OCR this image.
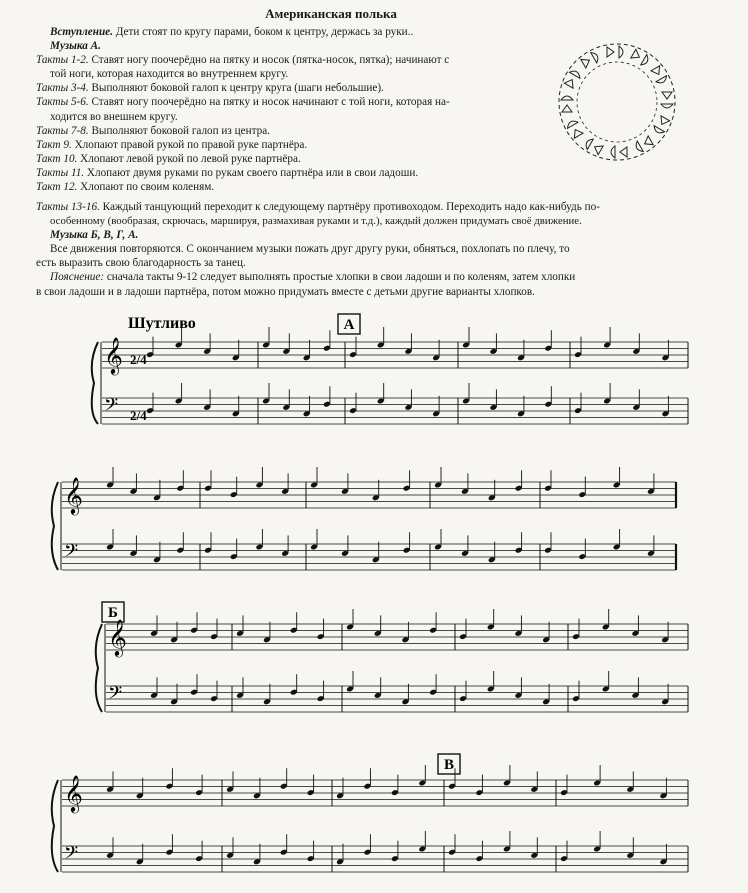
Американская полька

Вступление. Дети стоят по кругу парами, боком к центру, держась за руки..

Музыка А.

Такты 1-2. Ставят ногу поочерёдно на пятку и носок (пятка-носок, пятка); начинают с

той ноги, которая находится во внутреннем кругу.

Такты 3-4. Выполняют боковой галоп к центру круга (шаги небольшие).

Такты 5-6. Ставят ногу поочерёдно на пятку и носок начинают с той ноги, которая на-

ходится во внешнем кругу.

Такты 7-8. Выполняют боковой галоп из центра.

Такт 9. Хлопают правой рукой по правой руке партнёра.

Такт 10. Хлопают левой рукой по левой руке партнёра.

Такты 11. Хлопают двумя руками по рукам своего партнёра или в свои ладоши.

Такт 12. Хлопают по своим коленям.

Такты 13-16. Каждый танцующий переходит к следующему партнёру противоходом. Переходить надо как-нибудь по-

особенному (вообразая, скрючась, маршируя, размахивая руками и т.д.), каждый должен придумать своё движение.

Музыка Б, В, Г, А.

Все движения повторяются. С окончанием музыки пожать друг другу руки, обняться, похлопать по плечу, то

есть выразить свою благодарность за танец.

Пояснение: сначала такты 9-12 следует выполнять простые хлопки в свои ладоши и по коленям, затем хлопки

в свои ладоши и в ладоши партнёра, потом можно придумать вместе с детьми другие варианты хлопков.

Шутливо	A
𝄞
𝄢
2/4
2/4
𝄞
𝄢
Б
𝄞
𝄢
В
𝄞
𝄢
